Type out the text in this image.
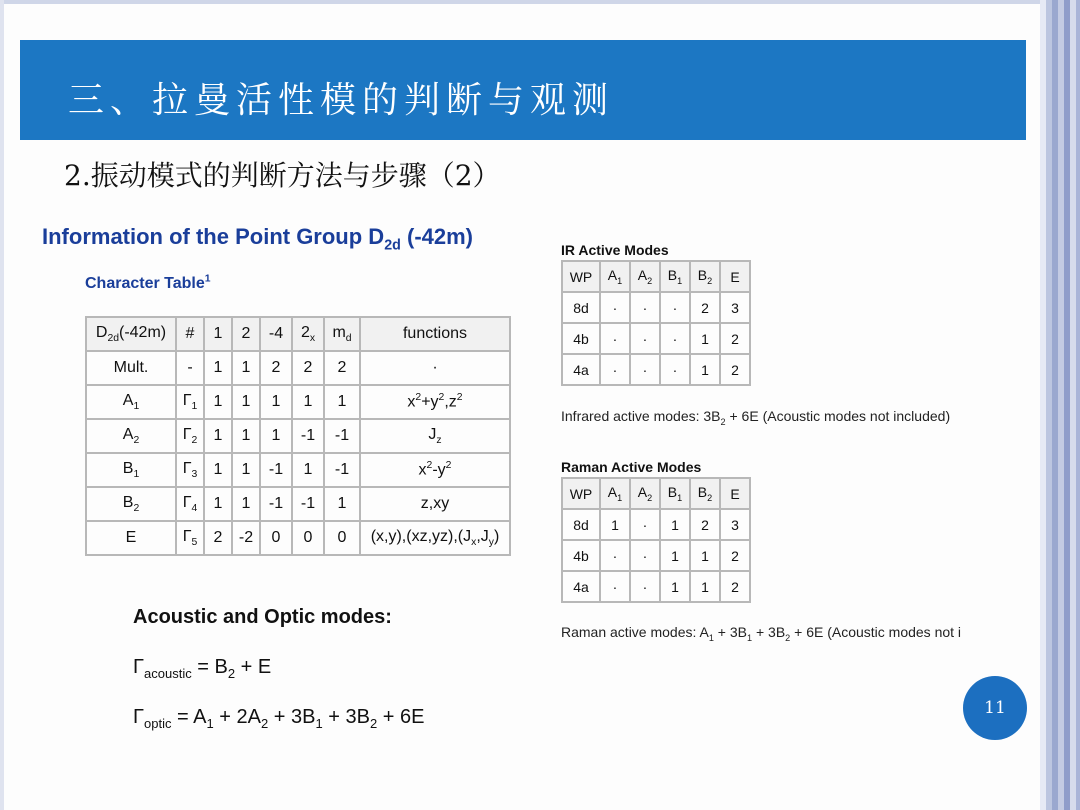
三、拉曼活性模的判断与观测
2.振动模式的判断方法与步骤（2）
Information of the Point Group $D_{2d}$ (-42m)
Character Table$^1$
$D_{2d}(-42m)$	#	1	2	-4	$2_x$	$m_d$	functions
Mult.	-	1	1	2	2	2	·
$A_1$	$\Gamma_1$	1	1	1	1	1	$x^2+y^2,z^2$
$A_2$	$\Gamma_2$	1	1	1	-1	-1	$J_z$
$B_1$	$\Gamma_3$	1	1	-1	1	-1	$x^2-y^2$
$B_2$	$\Gamma_4$	1	1	-1	-1	1	z,xy
E	$\Gamma_5$	2	-2	0	0	0	$(x,y),(xz,yz),(J_x,J_y)$
IR Active Modes
WP	$A_1$	$A_2$	$B_1$	$B_2$	E
8d	·	·	·	2	3
4b	·	·	·	1	2
4a	·	·	·	1	2
Infrared active modes: $3B_2 + 6E$ (Acoustic modes not included)
Raman Active Modes
WP	$A_1$	$A_2$	$B_1$	$B_2$	E
8d	1	·	1	2	3
4b	·	·	1	1	2
4a	·	·	1	1	2
Raman active modes: $A_1 + 3B_1 + 3B_2 + 6E$ (Acoustic modes not i
Acoustic and Optic modes:
$\Gamma_{acoustic} = B_2 + E$
$\Gamma_{optic} = A_1 + 2A_2 + 3B_1 + 3B_2 + 6E$	11
